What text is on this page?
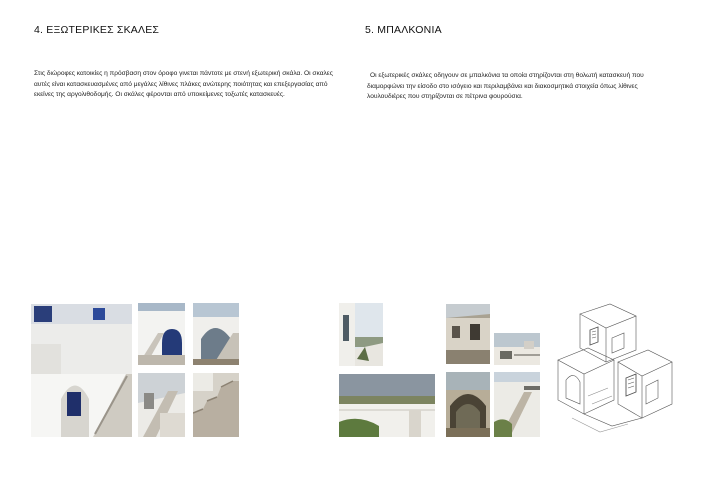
4. ΕΞΩΤΕΡΙΚΕΣ ΣΚΑΛΕΣ
Στις διώροφες κατοικίες η πρόσβαση στον όροφο γινεται πάντοτε με στενή εξωτερική σκάλα. Οι σκαλες αυτές είναι κατασκευασμένες από μεγάλες λίθινες πλάκες ανώτερης ποιότητας και επεξεργασίας από εκείνες της αργολιθοδομής. Οι σκάλες φέρονται από υποκείμενες τοξωτές κατασκευές.
5. ΜΠΑΛΚΟΝΙΑ
Οι εξωτερικές σκάλες οδηγουν σε μπαλκόνια τα οποία στηρίζονται στη θολωτή κατασκευή που διαμορφώνει την είσοδο στο ισόγειο και περιλαμβάνει και διακοσμητικά στοιχεία όπως λίθινες λουλουδιέρες που στηρίζονται σε πέτρινα φουρούσια.
